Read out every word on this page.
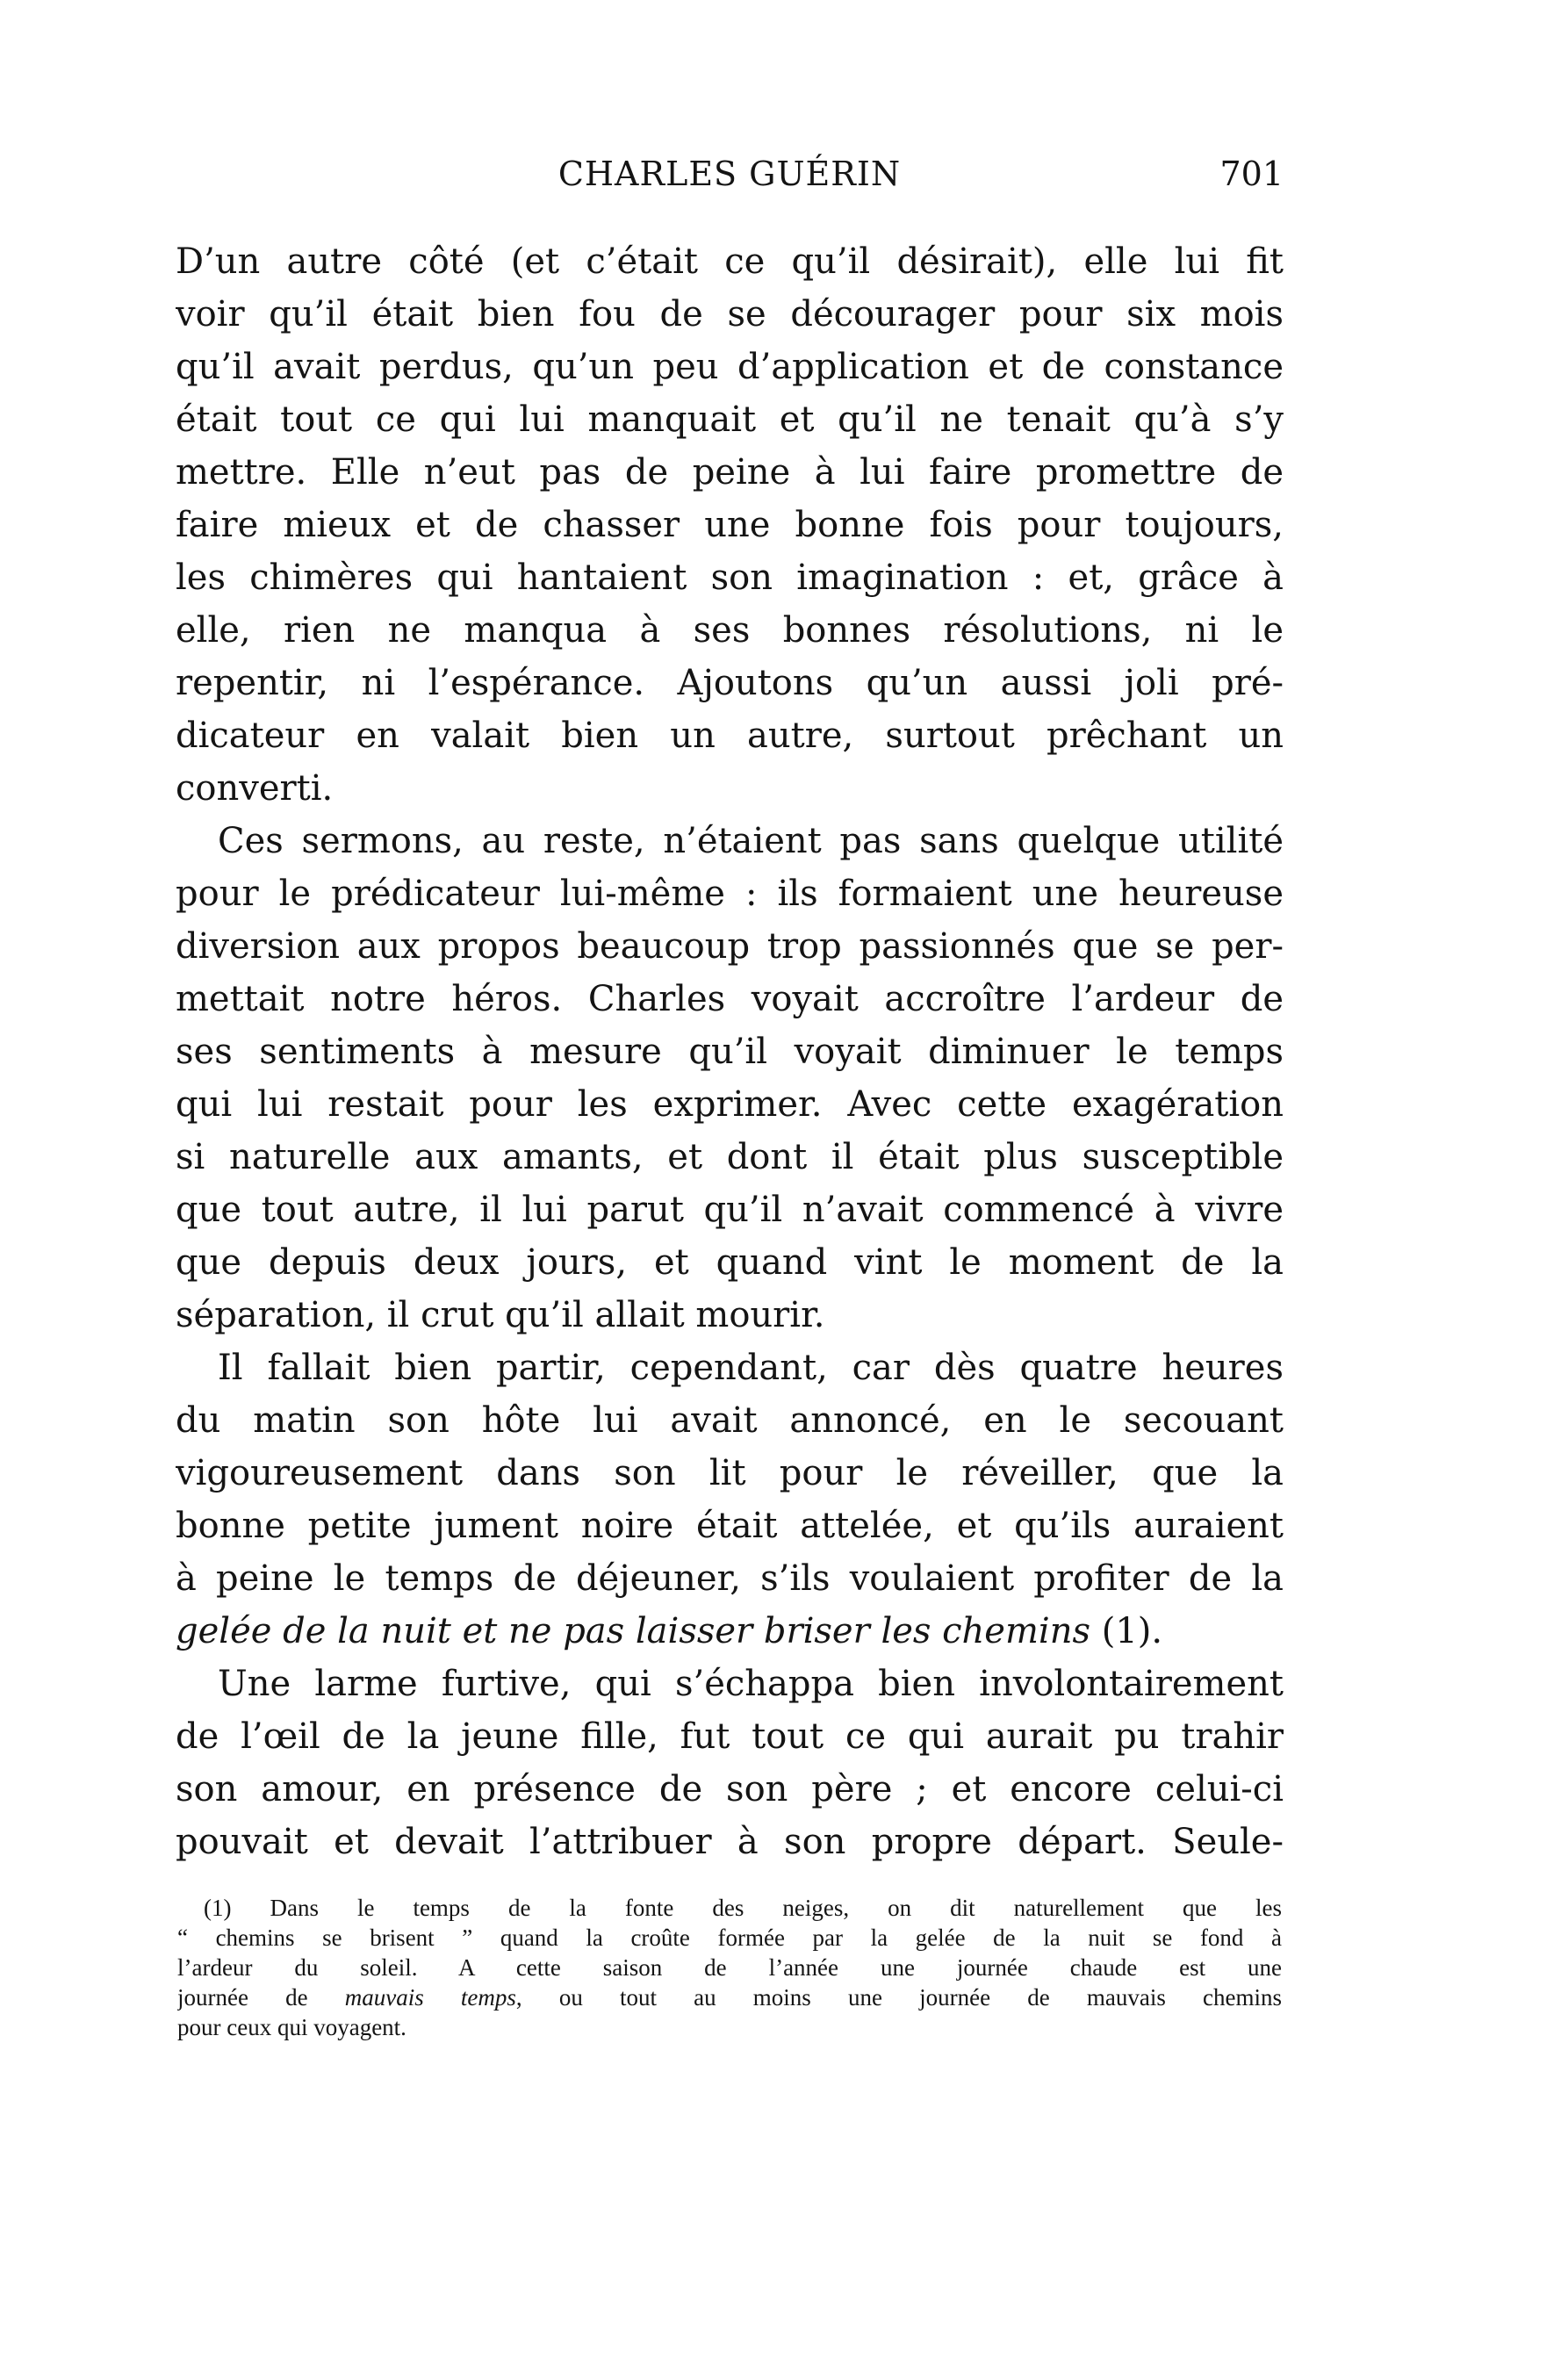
CHARLES GUÉRIN	701
D’un autre côté (et c’était ce qu’il désirait), elle lui fit
voir qu’il était bien fou de se décourager pour six mois
qu’il avait perdus, qu’un peu d’application et de constance
était tout ce qui lui manquait et qu’il ne tenait qu’à s’y
mettre. Elle n’eut pas de peine à lui faire promettre de
faire mieux et de chasser une bonne fois pour toujours,
les chimères qui hantaient son imagination : et, grâce à
elle, rien ne manqua à ses bonnes résolutions, ni le
repentir, ni l’espérance. Ajoutons qu’un aussi joli pré-
dicateur en valait bien un autre, surtout prêchant un
converti.
Ces sermons, au reste, n’étaient pas sans quelque utilité
pour le prédicateur lui-même : ils formaient une heureuse
diversion aux propos beaucoup trop passionnés que se per-
mettait notre héros. Charles voyait accroître l’ardeur de
ses sentiments à mesure qu’il voyait diminuer le temps
qui lui restait pour les exprimer. Avec cette exagération
si naturelle aux amants, et dont il était plus susceptible
que tout autre, il lui parut qu’il n’avait commencé à vivre
que depuis deux jours, et quand vint le moment de la
séparation, il crut qu’il allait mourir.
Il fallait bien partir, cependant, car dès quatre heures
du matin son hôte lui avait annoncé, en le secouant
vigoureusement dans son lit pour le réveiller, que la
bonne petite jument noire était attelée, et qu’ils auraient
à peine le temps de déjeuner, s’ils voulaient profiter de la
gelée de la nuit et ne pas laisser briser les chemins (1).
Une larme furtive, qui s’échappa bien involontairement
de l’œil de la jeune fille, fut tout ce qui aurait pu trahir
son amour, en présence de son père ; et encore celui-ci
pouvait et devait l’attribuer à son propre départ. Seule-
(1) Dans le temps de la fonte des neiges, on dit naturellement que les
“ chemins se brisent ” quand la croûte formée par la gelée de la nuit se fond à
l’ardeur du soleil. A cette saison de l’année une journée chaude est une
journée de mauvais temps, ou tout au moins une journée de mauvais chemins
pour ceux qui voyagent.
